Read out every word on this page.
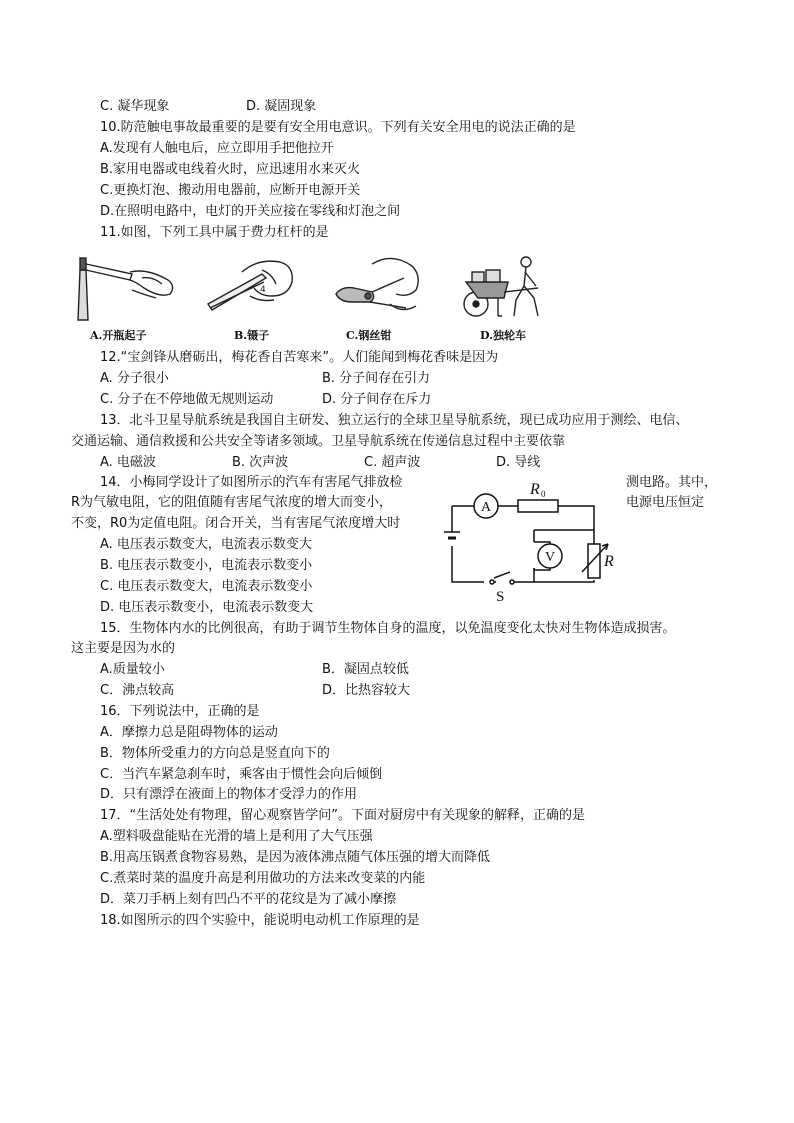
C. 凝华现象	D. 凝固现象
10.防范触电事故最重要的是要有安全用电意识。下列有关安全用电的说法正确的是
A.发现有人触电后，应立即用手把他拉开
B.家用电器或电线着火时，应迅速用水来灭火
C.更换灯泡、搬动用电器前，应断开电源开关
D.在照明电路中，电灯的开关应接在零线和灯泡之间
11.如图，下列工具中属于费力杠杆的是
4
A.开瓶起子	B.镊子	C.钢丝钳	D.独轮车
12.“宝剑锋从磨砺出，梅花香自苦寒来”。人们能闻到梅花香味是因为
A. 分子很小	B. 分子间存在引力
C. 分子在不停地做无规则运动	D. 分子间存在斥力
13．北斗卫星导航系统是我国自主研发、独立运行的全球卫星导航系统，现已成功应用于测绘、电信、
交通运输、通信救援和公共安全等诸多领域。卫星导航系统在传递信息过程中主要依靠
A. 电磁波	B. 次声波	C. 超声波	D. 导线
14．小梅同学设计了如图所示的汽车有害尾气排放检	测电路。其中，
R为气敏电阻，它的阻值随有害尾气浓度的增大而变小，	电源电压恒定
不变，R0为定值电阻。闭合开关，当有害尾气浓度增大时
A. 电压表示数变大，电流表示数变大
B. 电压表示数变小，电流表示数变小
C. 电压表示数变大，电流表示数变小
D. 电压表示数变小，电流表示数变大
A
V
R 0
R
S
15．生物体内水的比例很高，有助于调节生物体自身的温度，以免温度变化太快对生物体造成损害。
这主要是因为水的
A.质量较小	B．凝固点较低
C．沸点较高	D．比热容较大
16．下列说法中，正确的是
A．摩擦力总是阻碍物体的运动
B．物体所受重力的方向总是竖直向下的
C．当汽车紧急刹车时，乘客由于惯性会向后倾倒
D．只有漂浮在液面上的物体才受浮力的作用
17．“生活处处有物理，留心观察皆学问”。下面对厨房中有关现象的解释，正确的是
A.塑料吸盘能贴在光滑的墙上是利用了大气压强
B.用高压锅煮食物容易熟，是因为液体沸点随气体压强的增大而降低
C.煮菜时菜的温度升高是利用做功的方法来改变菜的内能
D．菜刀手柄上刻有凹凸不平的花纹是为了减小摩擦
18.如图所示的四个实验中，能说明电动机工作原理的是
